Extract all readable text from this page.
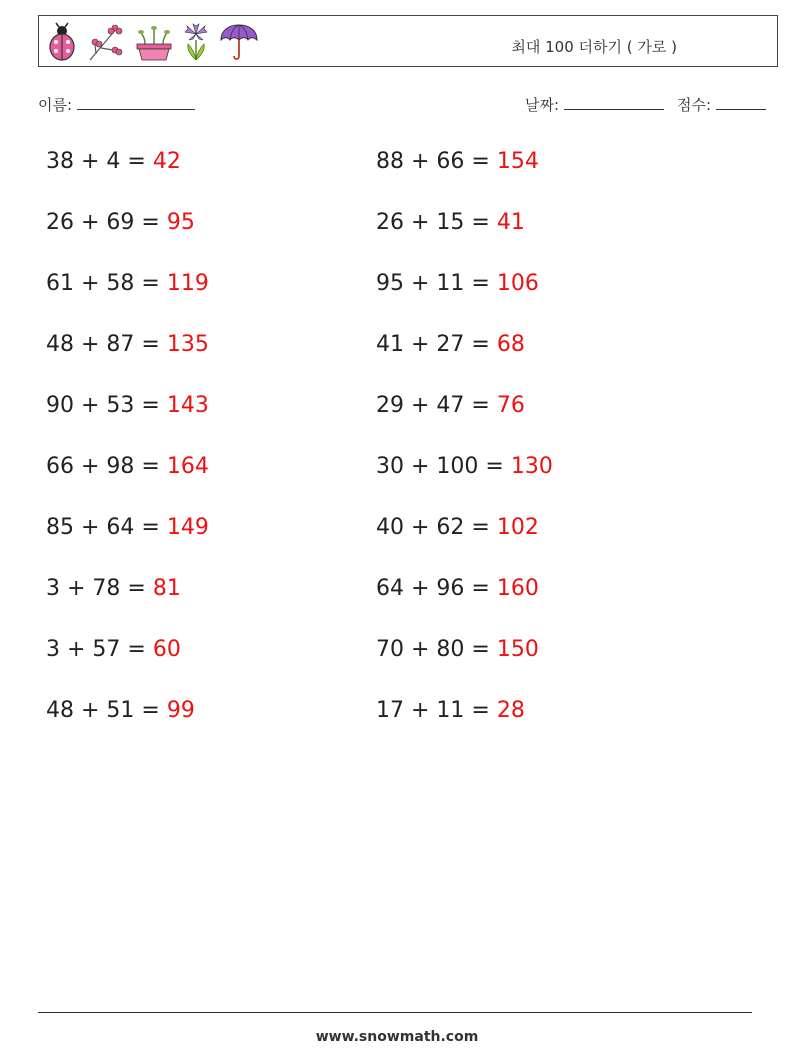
최대 100 더하기 ( 가로 )
이름:	날짜:	점수:
38 + 4 = 42
26 + 69 = 95
61 + 58 = 119
48 + 87 = 135
90 + 53 = 143
66 + 98 = 164
85 + 64 = 149
3 + 78 = 81
3 + 57 = 60
48 + 51 = 99
88 + 66 = 154
26 + 15 = 41
95 + 11 = 106
41 + 27 = 68
29 + 47 = 76
30 + 100 = 130
40 + 62 = 102
64 + 96 = 160
70 + 80 = 150
17 + 11 = 28
www.snowmath.com
